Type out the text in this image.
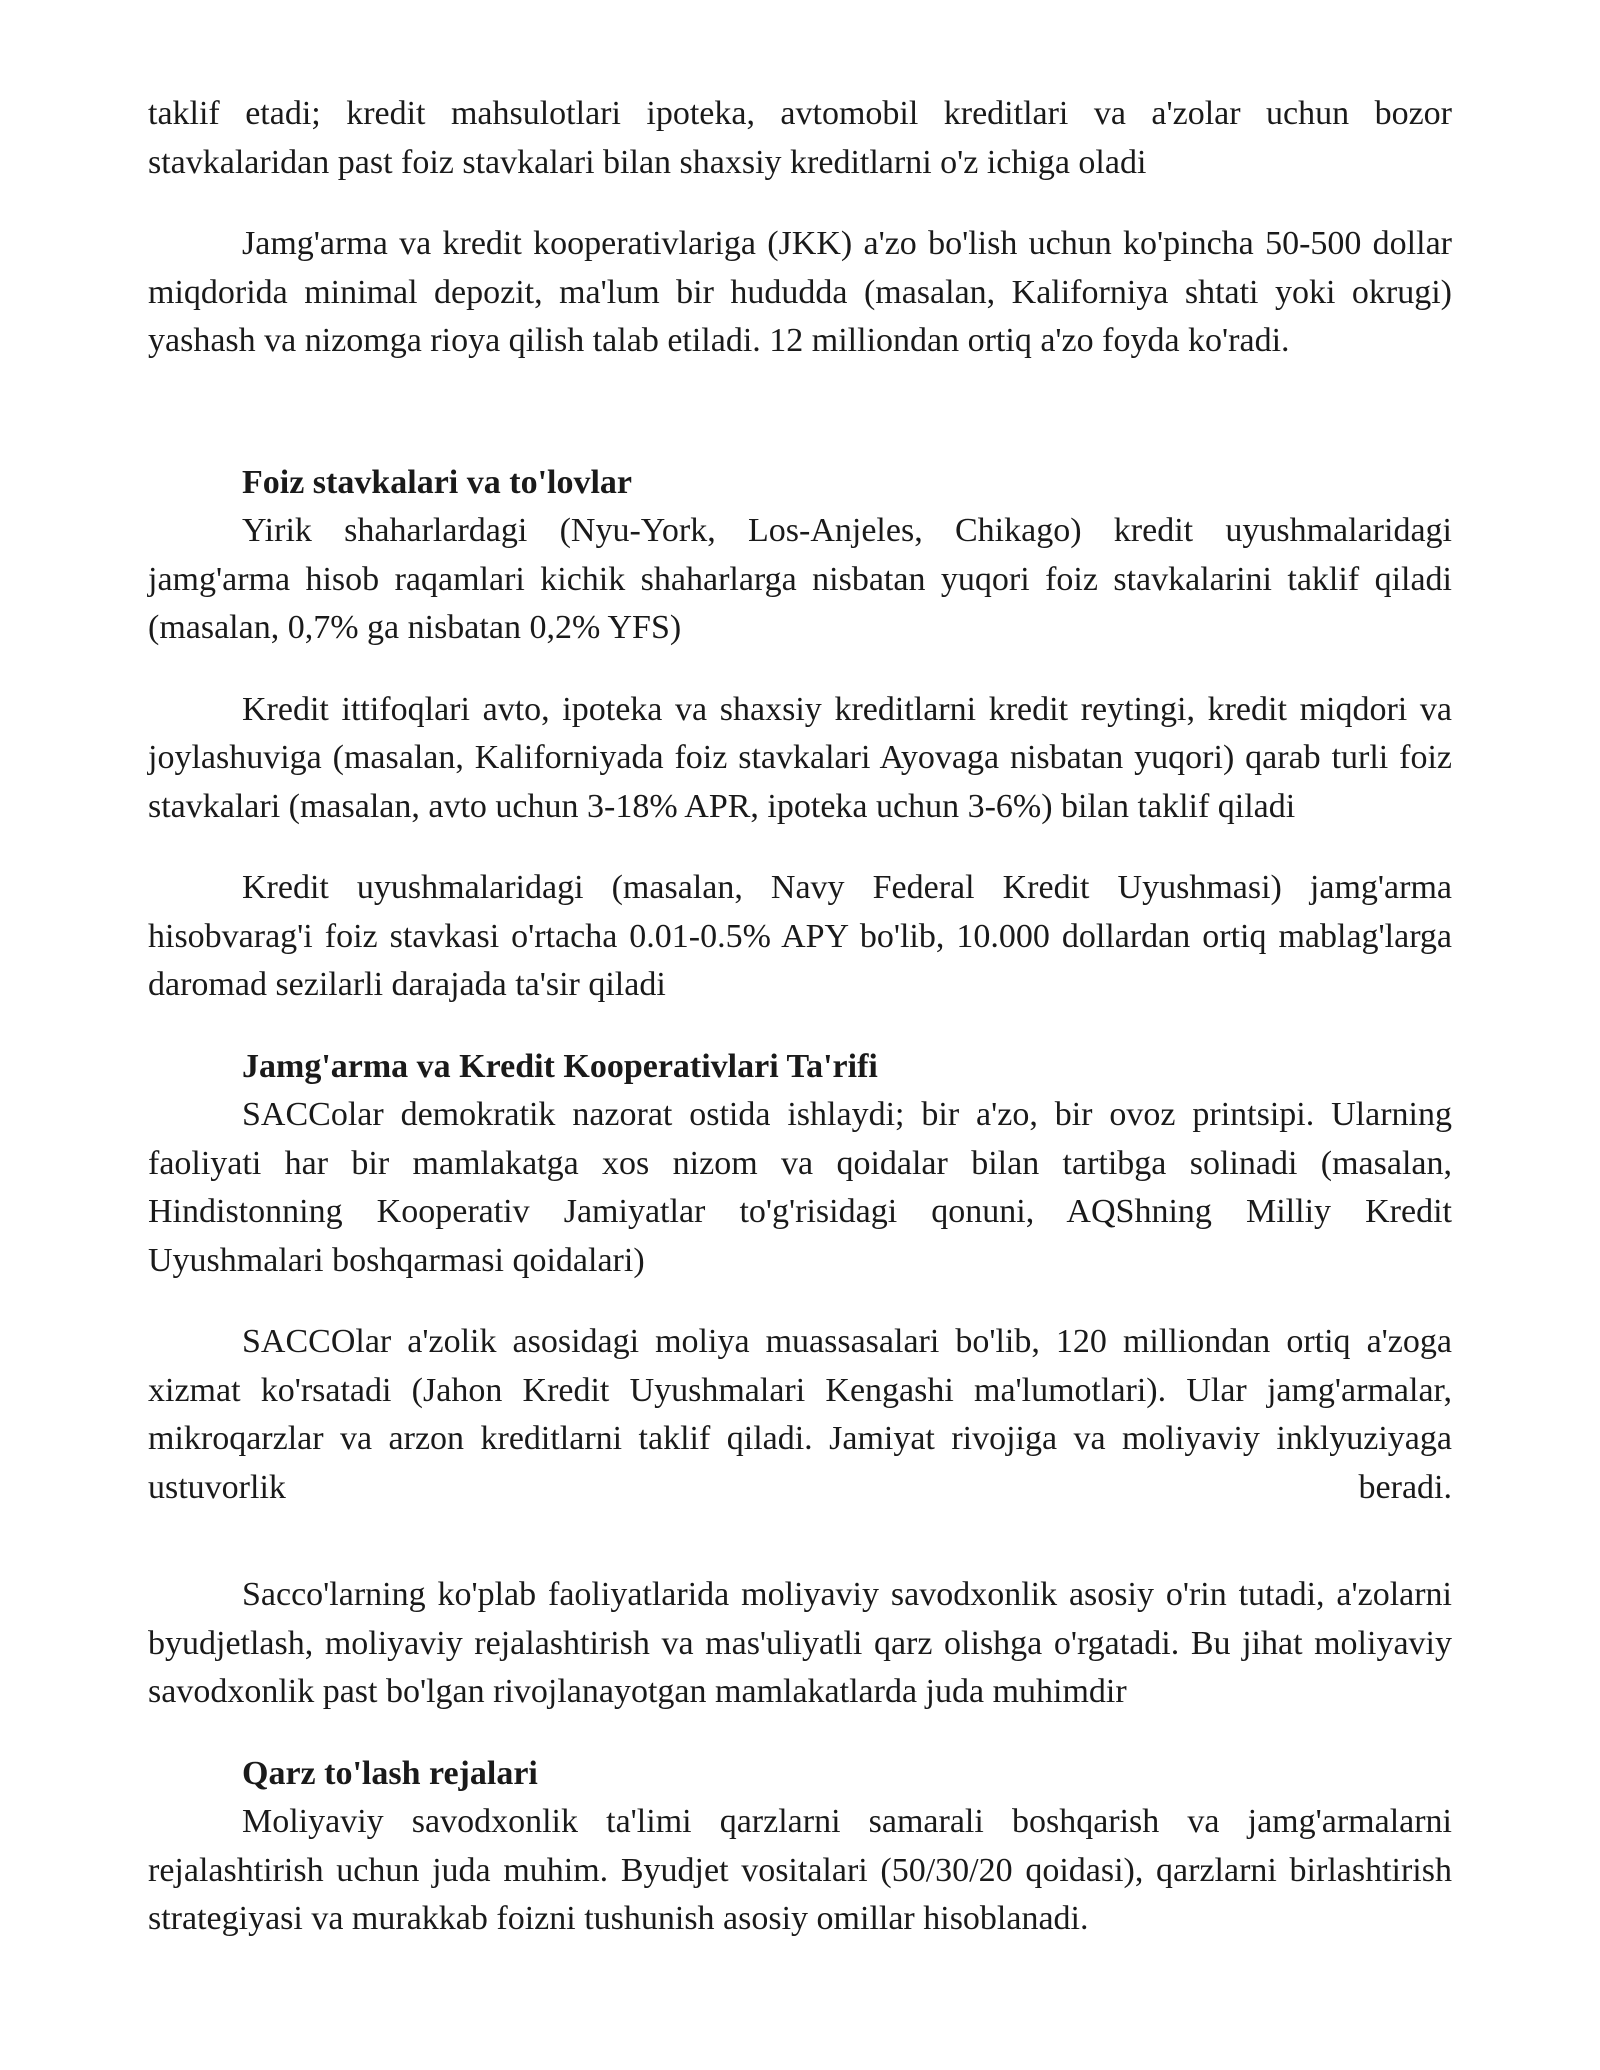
taklif etadi; kredit mahsulotlari ipoteka, avtomobil kreditlari va a'zolar uchun bozor stavkalaridan past foiz stavkalari bilan shaxsiy kreditlarni o'z ichiga oladi

Jamg'arma va kredit kooperativlariga (JKK) a'zo bo'lish uchun ko'pincha 50-500 dollar miqdorida minimal depozit, ma'lum bir hududda (masalan, Kaliforniya shtati yoki okrugi) yashash va nizomga rioya qilish talab etiladi. 12 milliondan ortiq a'zo foyda ko'radi.

Foiz stavkalari va to'lovlar

Yirik shaharlardagi (Nyu-York, Los-Anjeles, Chikago) kredit uyushmalaridagi jamg'arma hisob raqamlari kichik shaharlarga nisbatan yuqori foiz stavkalarini taklif qiladi (masalan, 0,7% ga nisbatan 0,2% YFS)

Kredit ittifoqlari avto, ipoteka va shaxsiy kreditlarni kredit reytingi, kredit miqdori va joylashuviga (masalan, Kaliforniyada foiz stavkalari Ayovaga nisbatan yuqori) qarab turli foiz stavkalari (masalan, avto uchun 3-18% APR, ipoteka uchun 3-6%) bilan taklif qiladi

Kredit uyushmalaridagi (masalan, Navy Federal Kredit Uyushmasi) jamg'arma hisobvarag'i foiz stavkasi o'rtacha 0.01-0.5% APY bo'lib, 10.000 dollardan ortiq mablag'larga daromad sezilarli darajada ta'sir qiladi

Jamg'arma va Kredit Kooperativlari Ta'rifi

SACColar demokratik nazorat ostida ishlaydi; bir a'zo, bir ovoz printsipi. Ularning faoliyati har bir mamlakatga xos nizom va qoidalar bilan tartibga solinadi (masalan, Hindistonning Kooperativ Jamiyatlar to'g'risidagi qonuni, AQShning Milliy Kredit Uyushmalari boshqarmasi qoidalari)

SACCOlar a'zolik asosidagi moliya muassasalari bo'lib, 120 milliondan ortiq a'zoga xizmat ko'rsatadi (Jahon Kredit Uyushmalari Kengashi ma'lumotlari). Ular jamg'armalar, mikroqarzlar va arzon kreditlarni taklif qiladi. Jamiyat rivojiga va moliyaviy inklyuziyaga ustuvorlik beradi.

Sacco'larning ko'plab faoliyatlarida moliyaviy savodxonlik asosiy o'rin tutadi, a'zolarni byudjetlash, moliyaviy rejalashtirish va mas'uliyatli qarz olishga o'rgatadi. Bu jihat moliyaviy savodxonlik past bo'lgan rivojlanayotgan mamlakatlarda juda muhimdir

Qarz to'lash rejalari

Moliyaviy savodxonlik ta'limi qarzlarni samarali boshqarish va jamg'armalarni rejalashtirish uchun juda muhim. Byudjet vositalari (50/30/20 qoidasi), qarzlarni birlashtirish strategiyasi va murakkab foizni tushunish asosiy omillar hisoblanadi.
